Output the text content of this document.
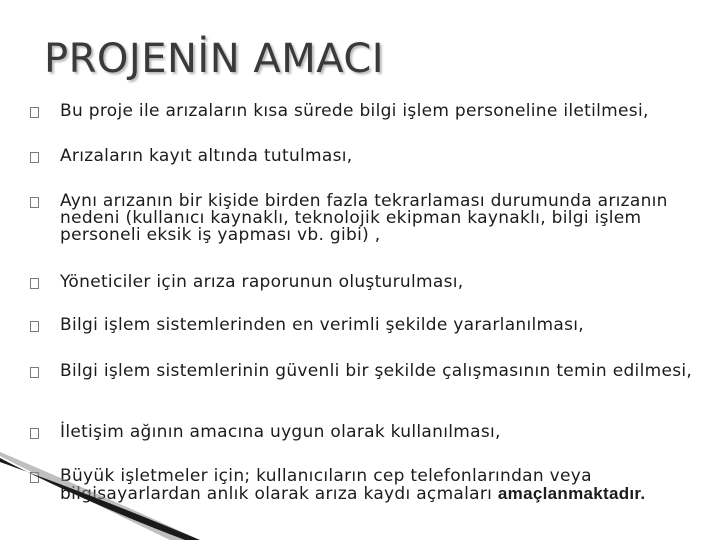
PROJENİN AMACI
Bu proje ile arızaların kısa sürede bilgi işlem personeline iletilmesi,
Arızaların kayıt altında tutulması,
Aynı arızanın bir kişide birden fazla tekrarlaması durumunda arızanın nedeni (kullanıcı kaynaklı, teknolojik ekipman kaynaklı, bilgi işlem personeli eksik iş yapması vb. gibi) ,
Yöneticiler için arıza raporunun oluşturulması,
Bilgi işlem sistemlerinden en verimli şekilde yararlanılması,
Bilgi işlem sistemlerinin güvenli bir şekilde çalışmasının temin edilmesi,
İletişim ağının amacına uygun olarak kullanılması,
Büyük işletmeler için; kullanıcıların cep telefonlarından veya bilgisayarlardan anlık olarak arıza kaydı açmaları amaçlanmaktadır.
